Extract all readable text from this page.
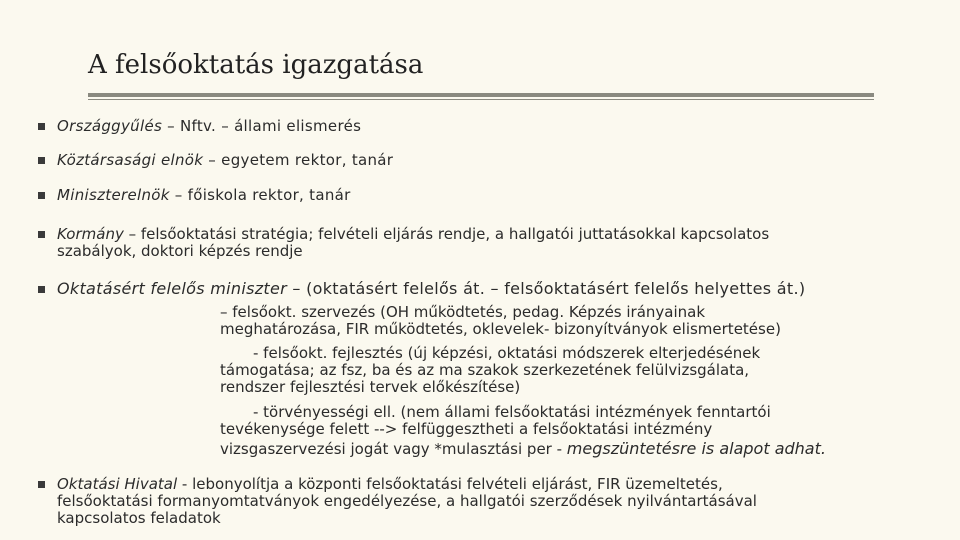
A felsőoktatás igazgatása
Országgyűlés – Nftv. – állami elismerés
Köztársasági elnök – egyetem rektor, tanár
Miniszterelnök – főiskola rektor, tanár
Kormány – felsőoktatási stratégia; felvételi eljárás rendje, a hallgatói juttatásokkal kapcsolatos
szabályok, doktori képzés rendje
Oktatásért felelős miniszter – (oktatásért felelős át. – felsőoktatásért felelős helyettes át.)
– felsőokt. szervezés (OH működtetés, pedag. Képzés irányainak
meghatározása, FIR működtetés, oklevelek- bizonyítványok elismertetése)
- felsőokt. fejlesztés (új képzési, oktatási módszerek elterjedésének
támogatása; az fsz, ba és az ma szakok szerkezetének felülvizsgálata,
rendszer fejlesztési tervek előkészítése)
- törvényességi ell. (nem állami felsőoktatási intézmények fenntartói
tevékenysége felett --> felfüggesztheti a felsőoktatási intézmény
vizsgaszervezési jogát vagy *mulasztási per - megszüntetésre is alapot adhat.
Oktatási Hivatal - lebonyolítja a központi felsőoktatási felvételi eljárást, FIR üzemeltetés,
felsőoktatási formanyomtatványok engedélyezése, a hallgatói szerződések nyilvántartásával
kapcsolatos feladatok
